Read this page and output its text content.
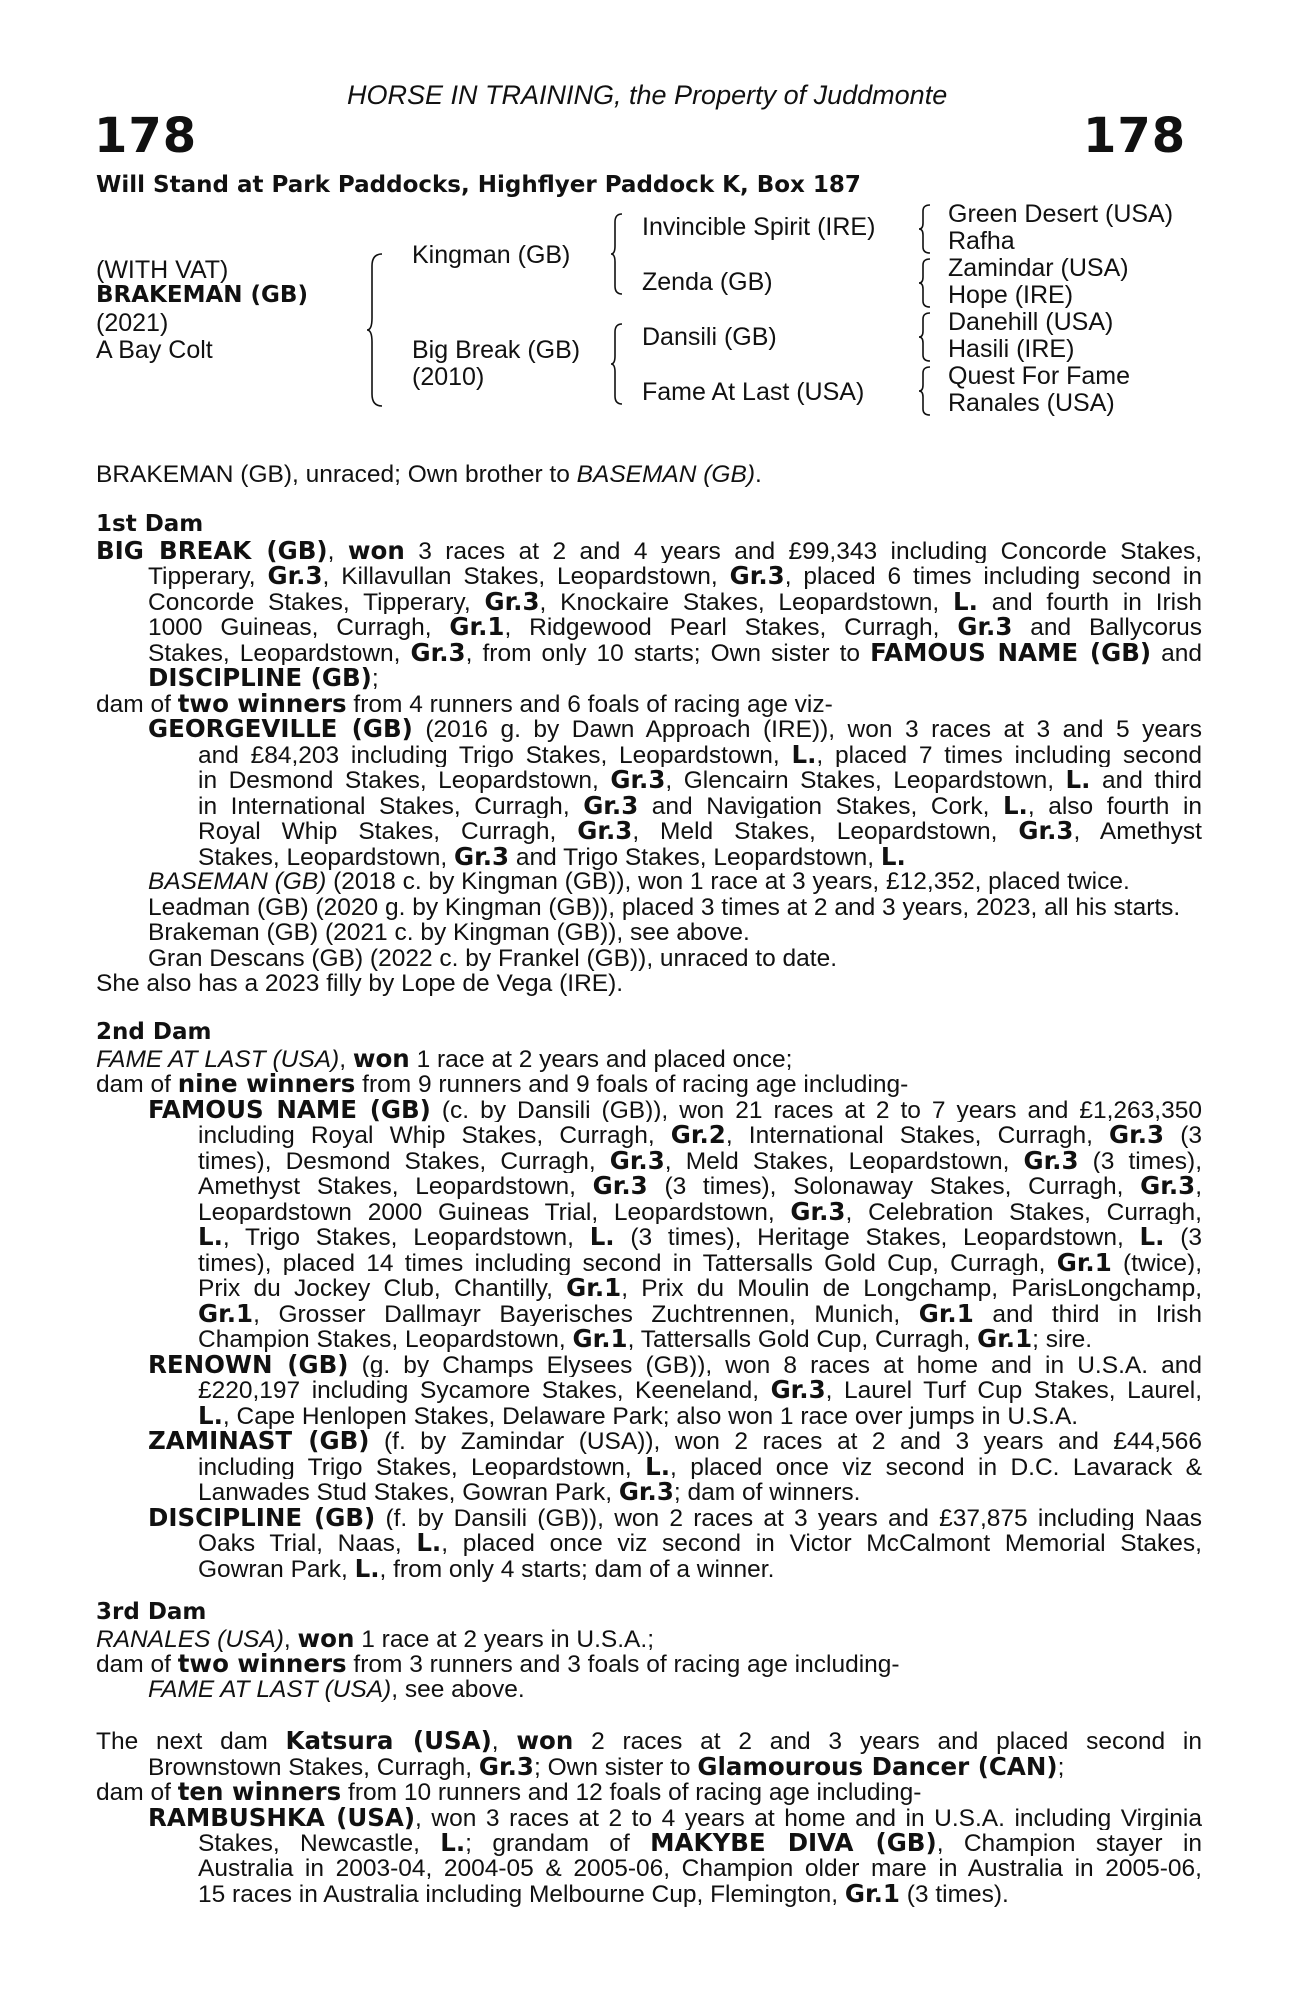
HORSE IN TRAINING, the Property of Juddmonte
178	178
Will Stand at Park Paddocks, Highflyer Paddock K, Box 187
(WITH VAT)
BRAKEMAN (GB)
(2021)
A Bay Colt
Kingman (GB)
Big Break (GB)
(2010)
Invincible Spirit (IRE)
Zenda (GB)
Dansili (GB)
Fame At Last (USA)
Green Desert (USA)
Rafha
Zamindar (USA)
Hope (IRE)
Danehill (USA)
Hasili (IRE)
Quest For Fame
Ranales (USA)
BRAKEMAN (GB), unraced; Own brother to BASEMAN (GB).
1st Dam
BIG BREAK (GB), won 3 races at 2 and 4 years and £99,343 including Concorde Stakes,
Tipperary, Gr.3, Killavullan Stakes, Leopardstown, Gr.3, placed 6 times including second in
Concorde Stakes, Tipperary, Gr.3, Knockaire Stakes, Leopardstown, L. and fourth in Irish
1000 Guineas, Curragh, Gr.1, Ridgewood Pearl Stakes, Curragh, Gr.3 and Ballycorus
Stakes, Leopardstown, Gr.3, from only 10 starts; Own sister to FAMOUS NAME (GB) and
DISCIPLINE (GB);
dam of two winners from 4 runners and 6 foals of racing age viz-
GEORGEVILLE (GB) (2016 g. by Dawn Approach (IRE)), won 3 races at 3 and 5 years
and £84,203 including Trigo Stakes, Leopardstown, L., placed 7 times including second
in Desmond Stakes, Leopardstown, Gr.3, Glencairn Stakes, Leopardstown, L. and third
in International Stakes, Curragh, Gr.3 and Navigation Stakes, Cork, L., also fourth in
Royal Whip Stakes, Curragh, Gr.3, Meld Stakes, Leopardstown, Gr.3, Amethyst
Stakes, Leopardstown, Gr.3 and Trigo Stakes, Leopardstown, L.
BASEMAN (GB) (2018 c. by Kingman (GB)), won 1 race at 3 years, £12,352, placed twice.
Leadman (GB) (2020 g. by Kingman (GB)), placed 3 times at 2 and 3 years, 2023, all his starts.
Brakeman (GB) (2021 c. by Kingman (GB)), see above.
Gran Descans (GB) (2022 c. by Frankel (GB)), unraced to date.
She also has a 2023 filly by Lope de Vega (IRE).
2nd Dam
FAME AT LAST (USA), won 1 race at 2 years and placed once;
dam of nine winners from 9 runners and 9 foals of racing age including-
FAMOUS NAME (GB) (c. by Dansili (GB)), won 21 races at 2 to 7 years and £1,263,350
including Royal Whip Stakes, Curragh, Gr.2, International Stakes, Curragh, Gr.3 (3
times), Desmond Stakes, Curragh, Gr.3, Meld Stakes, Leopardstown, Gr.3 (3 times),
Amethyst Stakes, Leopardstown, Gr.3 (3 times), Solonaway Stakes, Curragh, Gr.3,
Leopardstown 2000 Guineas Trial, Leopardstown, Gr.3, Celebration Stakes, Curragh,
L., Trigo Stakes, Leopardstown, L. (3 times), Heritage Stakes, Leopardstown, L. (3
times), placed 14 times including second in Tattersalls Gold Cup, Curragh, Gr.1 (twice),
Prix du Jockey Club, Chantilly, Gr.1, Prix du Moulin de Longchamp, ParisLongchamp,
Gr.1, Grosser Dallmayr Bayerisches Zuchtrennen, Munich, Gr.1 and third in Irish
Champion Stakes, Leopardstown, Gr.1, Tattersalls Gold Cup, Curragh, Gr.1; sire.
RENOWN (GB) (g. by Champs Elysees (GB)), won 8 races at home and in U.S.A. and
£220,197 including Sycamore Stakes, Keeneland, Gr.3, Laurel Turf Cup Stakes, Laurel,
L., Cape Henlopen Stakes, Delaware Park; also won 1 race over jumps in U.S.A.
ZAMINAST (GB) (f. by Zamindar (USA)), won 2 races at 2 and 3 years and £44,566
including Trigo Stakes, Leopardstown, L., placed once viz second in D.C. Lavarack &
Lanwades Stud Stakes, Gowran Park, Gr.3; dam of winners.
DISCIPLINE (GB) (f. by Dansili (GB)), won 2 races at 3 years and £37,875 including Naas
Oaks Trial, Naas, L., placed once viz second in Victor McCalmont Memorial Stakes,
Gowran Park, L., from only 4 starts; dam of a winner.
3rd Dam
RANALES (USA), won 1 race at 2 years in U.S.A.;
dam of two winners from 3 runners and 3 foals of racing age including-
FAME AT LAST (USA), see above.
The next dam Katsura (USA), won 2 races at 2 and 3 years and placed second in
Brownstown Stakes, Curragh, Gr.3; Own sister to Glamourous Dancer (CAN);
dam of ten winners from 10 runners and 12 foals of racing age including-
RAMBUSHKA (USA), won 3 races at 2 to 4 years at home and in U.S.A. including Virginia
Stakes, Newcastle, L.; grandam of MAKYBE DIVA (GB), Champion stayer in
Australia in 2003-04, 2004-05 & 2005-06, Champion older mare in Australia in 2005-06,
15 races in Australia including Melbourne Cup, Flemington, Gr.1 (3 times).
